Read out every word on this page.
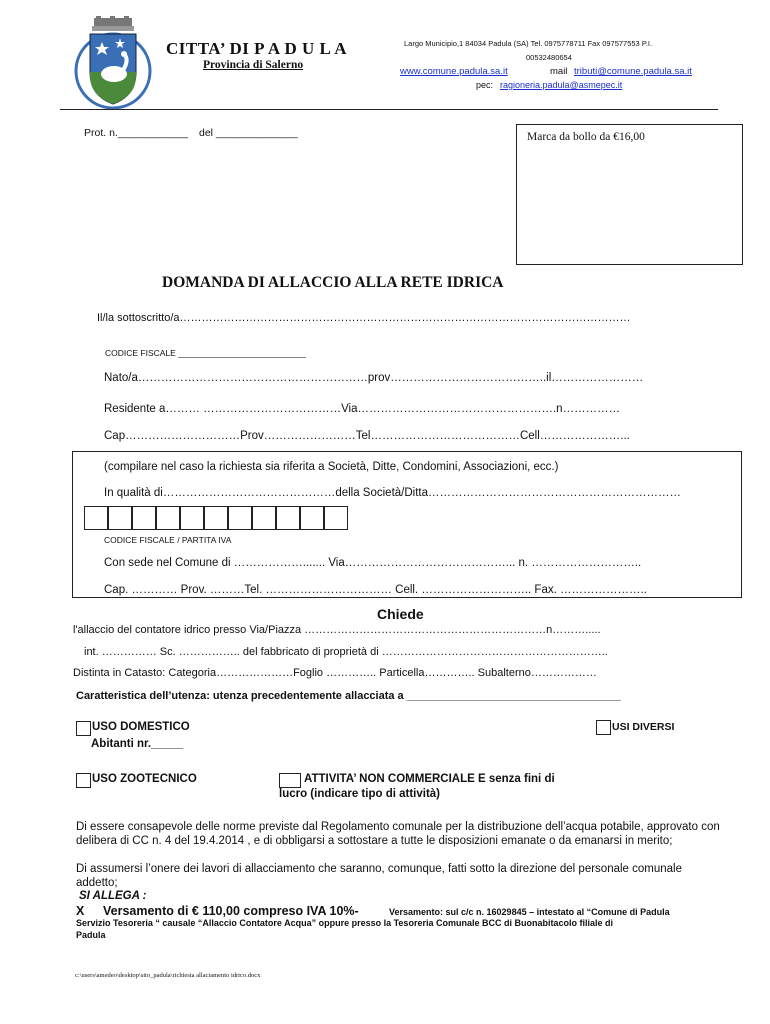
CITTA’ DI P A D U L A
Provincia di Salerno
Largo Municipio,1 84034 Padula (SA) Tel. 0975778711 Fax 097577553 P.I.
00532480654
www.comune.padula.sa.it	mail tributi@comune.padula.sa.it
pec: ragioneria.padula@asmepec.it
Prot. n.____________ del ______________	Marca da bollo da €16,00
DOMANDA DI ALLACCIO ALLA RETE IDRICA
Il/la sottoscritto/a……………………………………………………………………………………………………………
CODICE FISCALE ___________________________
Nato/a……………………………………………………prov…………………………………..il……………………
Residente a……… ………………………………Via…………………………………………….n……………
Cap…………………………Prov……………………Tel…………………………………Cell…………………...
(compilare nel caso la richiesta sia riferita a Società, Ditte, Condomini, Associazioni, ecc.)
In qualità di………………………………………della Società/Ditta…………………………………………………………
CODICE FISCALE / PARTITA IVA
Con sede nel Comune di ………………....... Via……………………………………... n. ………………………..
Cap. ………… Prov. ………Tel. …………………………… Cell. ……………………….. Fax. …………………..
Chiede
l'allaccio del contatore idrico presso Via/Piazza …………………………………………………………n……….....
int. …………… Sc. …………….. del fabbricato di proprietà di ……………………………………………………..
Distinta in Catasto: Categoria…………………Foglio ………….. Particella………….. Subalterno………………
Caratteristica dell’utenza: utenza precedentemente allacciata a ___________________________________
USO DOMESTICO
Abitanti nr._____
USI DIVERSI
USO ZOOTECNICO	ATTIVITA’ NON COMMERCIALE E senza fini di
lucro (indicare tipo di attività)
Di essere consapevole delle norme previste dal Regolamento comunale per la distribuzione dell’acqua potabile, approvato con delibera di CC n. 4 del 19.4.2014 , e di obbligarsi a sottostare a tutte le disposizioni emanate o da emanarsi in merito;
Di assumersi l’onere dei lavori di allacciamento che saranno, comunque, fatti sotto la direzione del personale comunale addetto;
SI ALLEGA :
X Versamento di € 110,00 compreso IVA 10%-	Versamento: sul c/c n. 16029845 – intestato al “Comune di Padula
Servizio Tesoreria “ causale “Allaccio Contatore Acqua” oppure presso la Tesoreria Comunale BCC di Buonabitacolo filiale di
Padula
c:\users\amedeo\desktop\sito_padula\richiesta allaciamento idrico.docx
